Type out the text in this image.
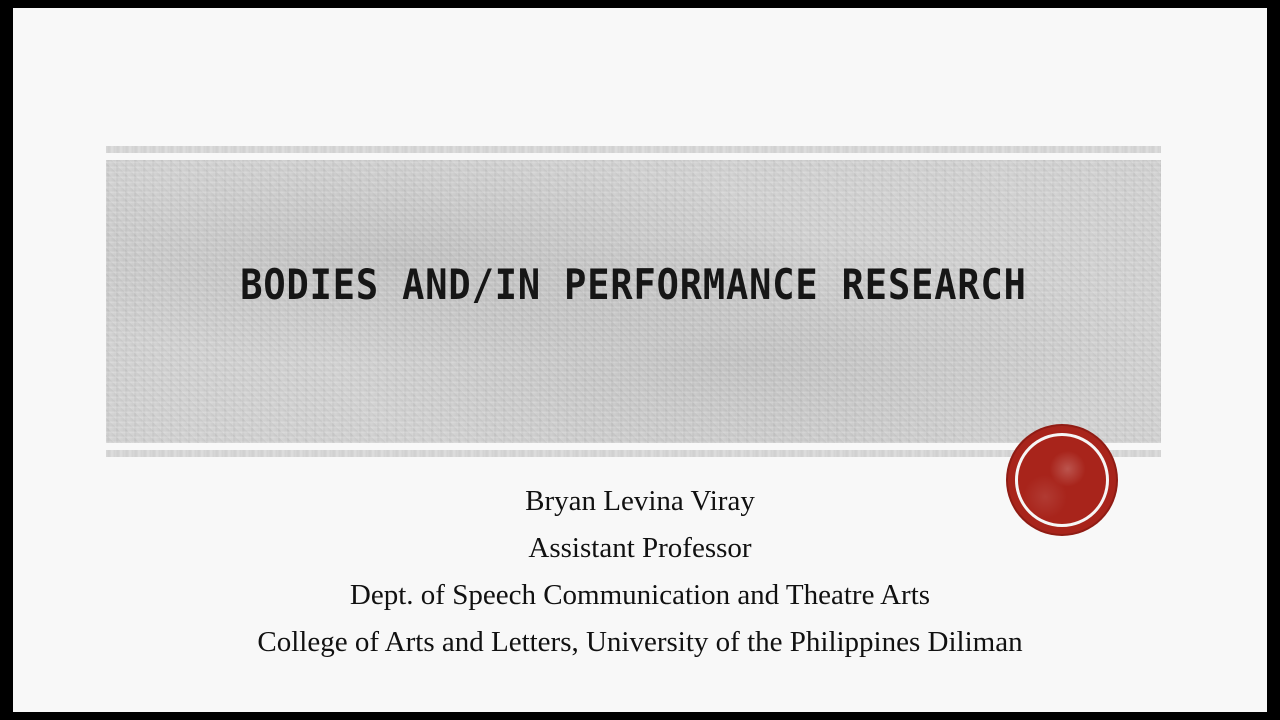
BODIES AND/IN PERFORMANCE RESEARCH
Bryan Levina Viray
Assistant Professor
Dept. of Speech Communication and Theatre Arts
College of Arts and Letters, University of the Philippines Diliman
